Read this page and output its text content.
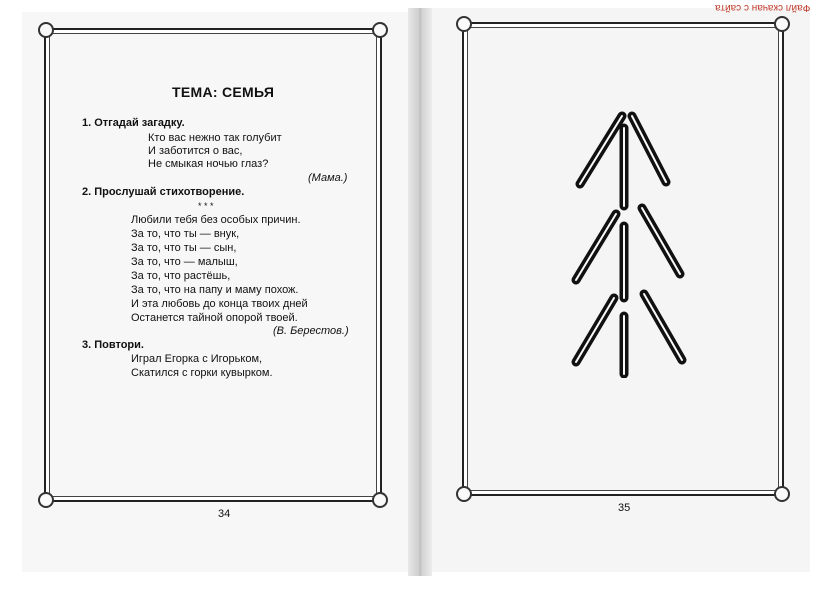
Файл скачан с сайта
ТЕМА: СЕМЬЯ
1. Отгадай загадку.
Кто вас нежно так голубит
И заботится о вас,
Не смыкая ночью глаз?
(Мама.)
2. Прослушай стихотворение.
* * *
Любили тебя без особых причин.
За то, что ты — внук,
За то, что ты — сын,
За то, что — малыш,
За то, что растёшь,
За то, что на папу и маму похож.
И эта любовь до конца твоих дней
Останется тайной опорой твоей.
(В. Берестов.)
3. Повтори.
Играл Егорка с Игорьком,
Скатился с горки кувырком.
34	35
